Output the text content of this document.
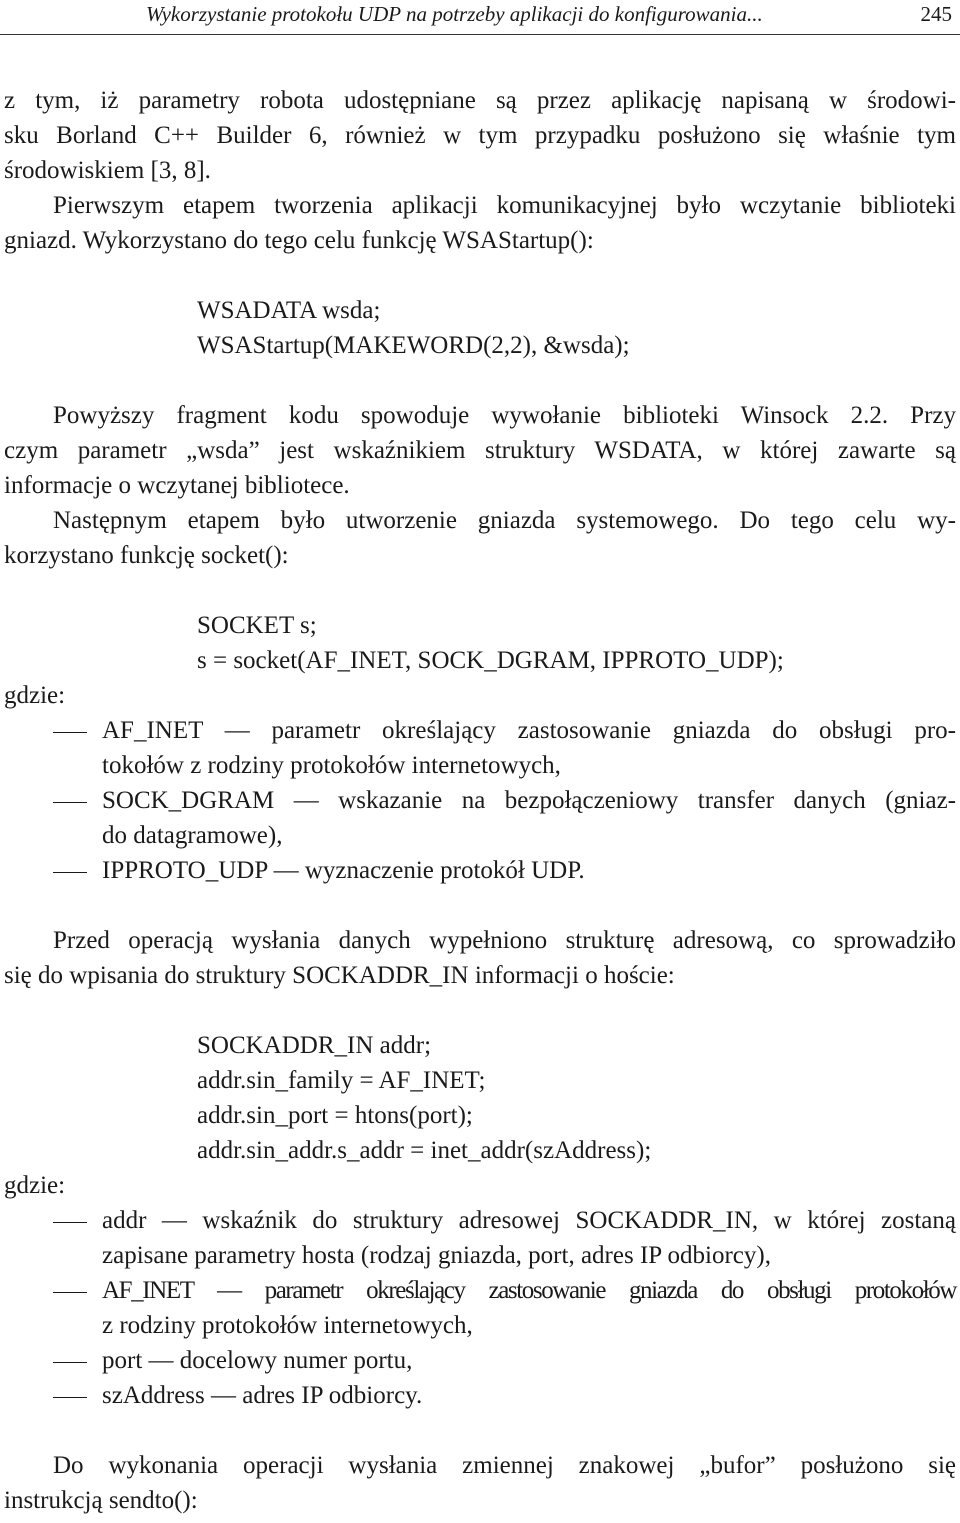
Wykorzystanie protokołu UDP na potrzeby aplikacji do konfigurowania...	245
z tym, iż parametry robota udostępniane są przez aplikację napisaną w środowi-
sku Borland C++ Builder 6, również w tym przypadku posłużono się właśnie tym
środowiskiem [3, 8].
Pierwszym etapem tworzenia aplikacji komunikacyjnej było wczytanie biblioteki
gniazd. Wykorzystano do tego celu funkcję WSAStartup():
WSADATA wsda;
WSAStartup(MAKEWORD(2,2), &wsda);
Powyższy fragment kodu spowoduje wywołanie biblioteki Winsock 2.2. Przy
czym parametr „wsda” jest wskaźnikiem struktury WSDATA, w której zawarte są
informacje o wczytanej bibliotece.
Następnym etapem było utworzenie gniazda systemowego. Do tego celu wy-
korzystano funkcję socket():
SOCKET s;
s = socket(AF_INET, SOCK_DGRAM, IPPROTO_UDP);
gdzie:
AF_INET — parametr określający zastosowanie gniazda do obsługi pro-
tokołów z rodziny protokołów internetowych,
SOCK_DGRAM — wskazanie na bezpołączeniowy transfer danych (gniaz-
do datagramowe),
IPPROTO_UDP — wyznaczenie protokół UDP.
Przed operacją wysłania danych wypełniono strukturę adresową, co sprowadziło
się do wpisania do struktury SOCKADDR_IN informacji o hoście:
SOCKADDR_IN addr;
addr.sin_family = AF_INET;
addr.sin_port = htons(port);
addr.sin_addr.s_addr = inet_addr(szAddress);
gdzie:
addr — wskaźnik do struktury adresowej SOCKADDR_IN, w której zostaną
zapisane parametry hosta (rodzaj gniazda, port, adres IP odbiorcy),
AF_INET — parametr określający zastosowanie gniazda do obsługi protokołów
z rodziny protokołów internetowych,
port — docelowy numer portu,
szAddress — adres IP odbiorcy.
Do wykonania operacji wysłania zmiennej znakowej „bufor” posłużono się
instrukcją sendto():
